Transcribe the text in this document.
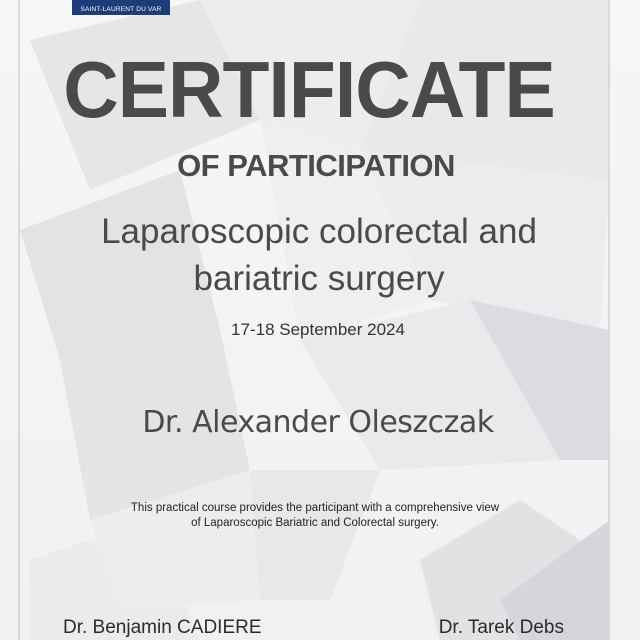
SAINT-LAURENT DU VAR
CERTIFICATE
OF PARTICIPATION
Laparoscopic colorectal and
bariatric surgery
17-18 September 2024
Dr. Alexander Oleszczak
This practical course provides the participant with a comprehensive view
of Laparoscopic Bariatric and Colorectal surgery.
Dr. Benjamin CADIERE	Dr. Tarek Debs
